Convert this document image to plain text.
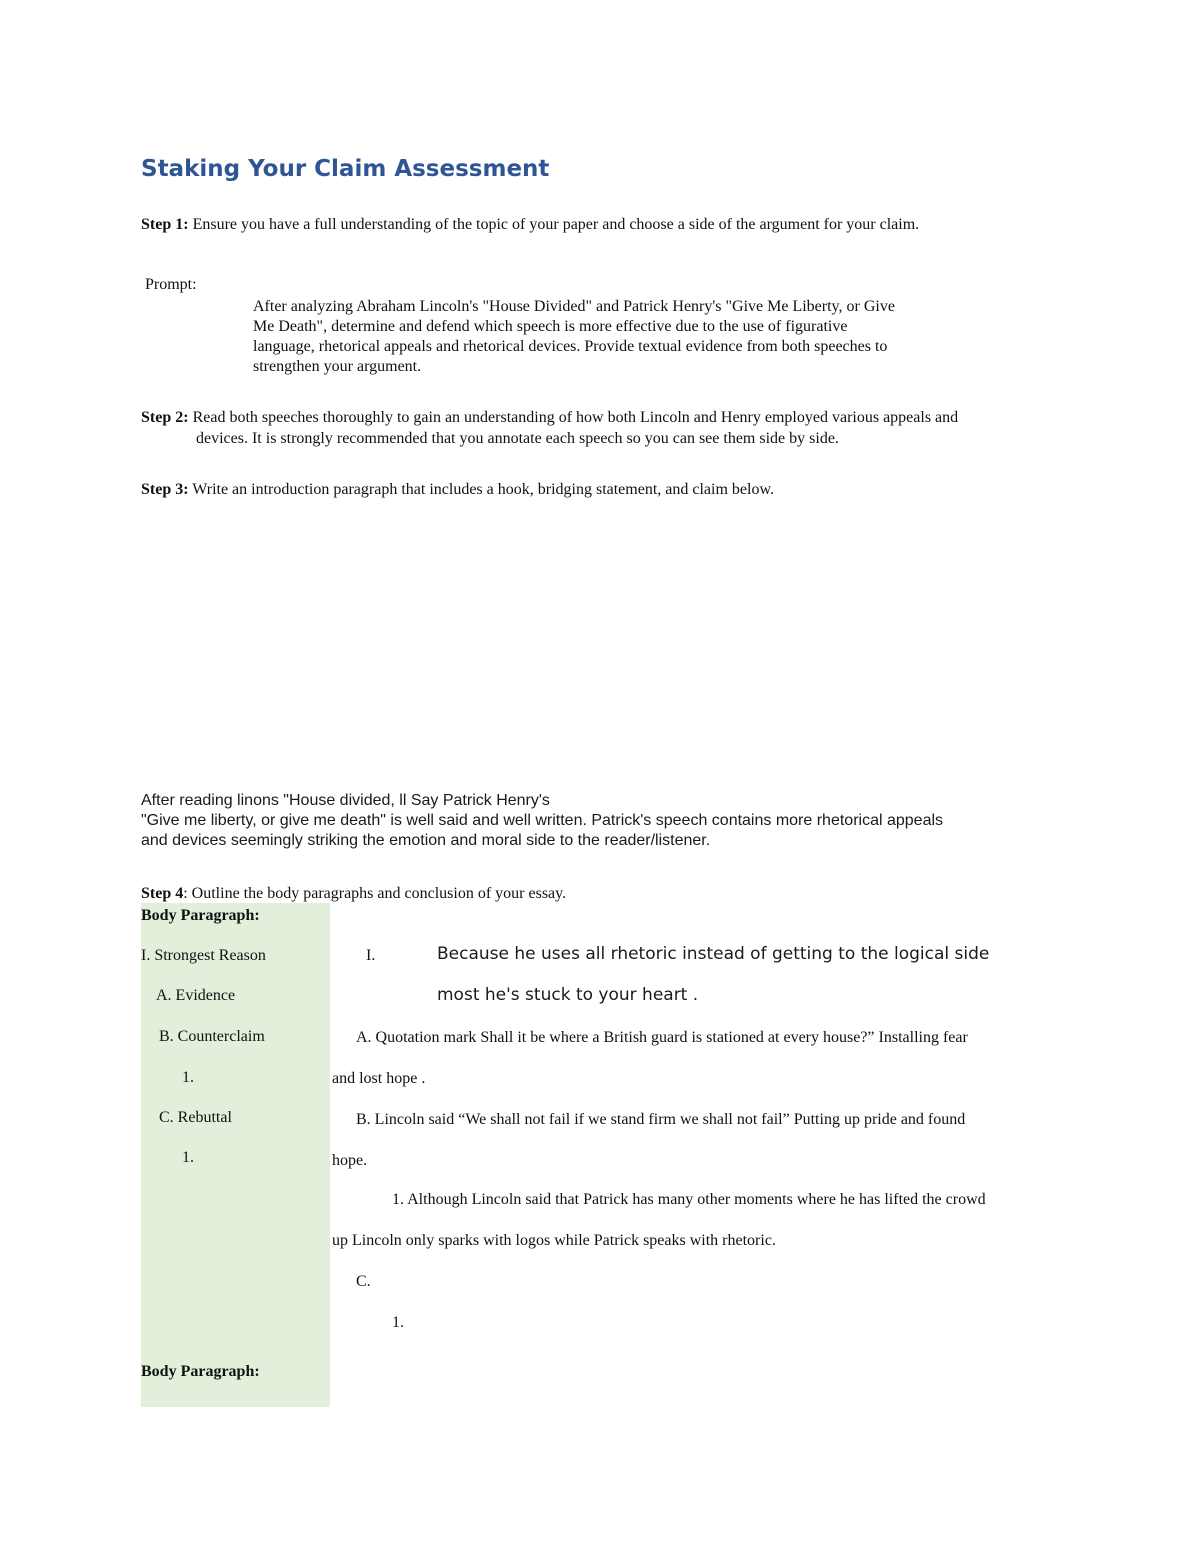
Staking Your Claim Assessment
Step 1: Ensure you have a full understanding of the topic of your paper and choose a side of the argument for your claim.
Prompt:
After analyzing Abraham Lincoln's "House Divided" and Patrick Henry's "Give Me Liberty, or Give
Me Death", determine and defend which speech is more effective due to the use of figurative
language, rhetorical appeals and rhetorical devices. Provide textual evidence from both speeches to
strengthen your argument.
Step 2: Read both speeches thoroughly to gain an understanding of how both Lincoln and Henry employed various appeals and
devices. It is strongly recommended that you annotate each speech so you can see them side by side.
Step 3: Write an introduction paragraph that includes a hook, bridging statement, and claim below.
After reading linons "House divided, ll Say Patrick Henry's
"Give me liberty, or give me death" is well said and well written. Patrick's speech contains more rhetorical appeals
and devices seemingly striking the emotion and moral side to the reader/listener.
Step 4: Outline the body paragraphs and conclusion of your essay.
Body Paragraph:
I. Strongest Reason
A. Evidence
B. Counterclaim
1.
C. Rebuttal
1.
Body Paragraph:
I.	Because he uses all rhetoric instead of getting to the logical side
most he's stuck to your heart .
A. Quotation mark Shall it be where a British guard is stationed at every house?” Installing fear
and lost hope .
B. Lincoln said “We shall not fail if we stand firm we shall not fail” Putting up pride and found
hope.
1. Although Lincoln said that Patrick has many other moments where he has lifted the crowd
up Lincoln only sparks with logos while Patrick speaks with rhetoric.
C.
1.
